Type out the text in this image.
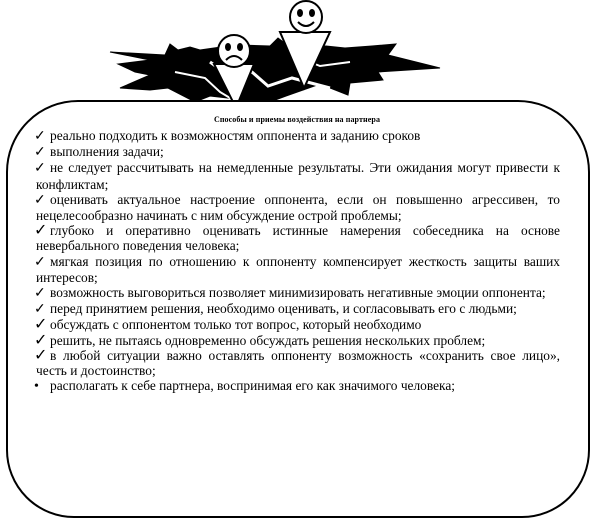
Способы и приемы воздействия на партнера

✓ реально подходить к возможностям оппонента и заданию сроков

✓ выполнения задачи;

✓ не следует рассчитывать на немедленные результаты. Эти ожидания могут привести к конфликтам;

✓ оценивать актуальное настроение оппонента, если он повышенно агрессивен, то нецелесообразно начинать с ним обсуждение острой проблемы;

✓ глубоко и оперативно оценивать истинные намерения собеседника на основе невербального поведения человека;

✓ мягкая позиция по отношению к оппоненту компенсирует жесткость защиты ваших интересов;

✓ возможность выговориться позволяет минимизировать негативные эмоции оппонента;

✓ перед принятием решения, необходимо оценивать, и согласовывать его с людьми;

✓ обсуждать с оппонентом только тот вопрос, который необходимо

✓ решить, не пытаясь одновременно обсуждать решения нескольких проблем;

✓ в любой ситуации важно оставлять оппоненту возможность «сохранить свое лицо», честь и достоинство;

• располагать к себе партнера, воспринимая его как значимого человека;
